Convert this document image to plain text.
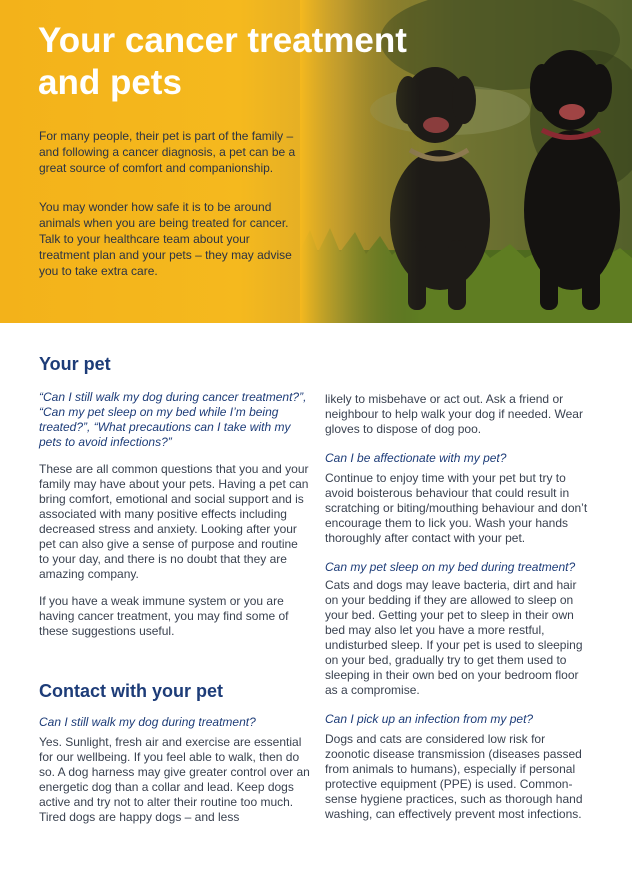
Your cancer treatment
and pets

For many people, their pet is part of the family – and following a cancer diagnosis, a pet can be a great source of comfort and companionship.

You may wonder how safe it is to be around animals when you are being treated for cancer. Talk to your healthcare team about your treatment plan and your pets – they may advise you to take extra care.

Your pet

“Can I still walk my dog during cancer treatment?”, “Can my pet sleep on my bed while I’m being treated?”, “What precautions can I take with my pets to avoid infections?”

These are all common questions that you and your family may have about your pets. Having a pet can bring comfort, emotional and social support and is associated with many positive effects including decreased stress and anxiety. Looking after your pet can also give a sense of purpose and routine to your day, and there is no doubt that they are amazing company.

If you have a weak immune system or you are having cancer treatment, you may find some of these suggestions useful.

Contact with your pet

Can I still walk my dog during treatment?

Yes. Sunlight, fresh air and exercise are essential for our wellbeing. If you feel able to walk, then do so. A dog harness may give greater control over an energetic dog than a collar and lead. Keep dogs active and try not to alter their routine too much. Tired dogs are happy dogs – and less

likely to misbehave or act out. Ask a friend or neighbour to help walk your dog if needed. Wear gloves to dispose of dog poo.

Can I be affectionate with my pet?

Continue to enjoy time with your pet but try to avoid boisterous behaviour that could result in scratching or biting/mouthing behaviour and don’t encourage them to lick you. Wash your hands thoroughly after contact with your pet.

Can my pet sleep on my bed during treatment?

Cats and dogs may leave bacteria, dirt and hair on your bedding if they are allowed to sleep on your bed. Getting your pet to sleep in their own bed may also let you have a more restful, undisturbed sleep. If your pet is used to sleeping on your bed, gradually try to get them used to sleeping in their own bed on your bedroom floor as a compromise.

Can I pick up an infection from my pet?

Dogs and cats are considered low risk for zoonotic disease transmission (diseases passed from animals to humans), especially if personal protective equipment (PPE) is used. Common-sense hygiene practices, such as thorough hand washing, can effectively prevent most infections.
